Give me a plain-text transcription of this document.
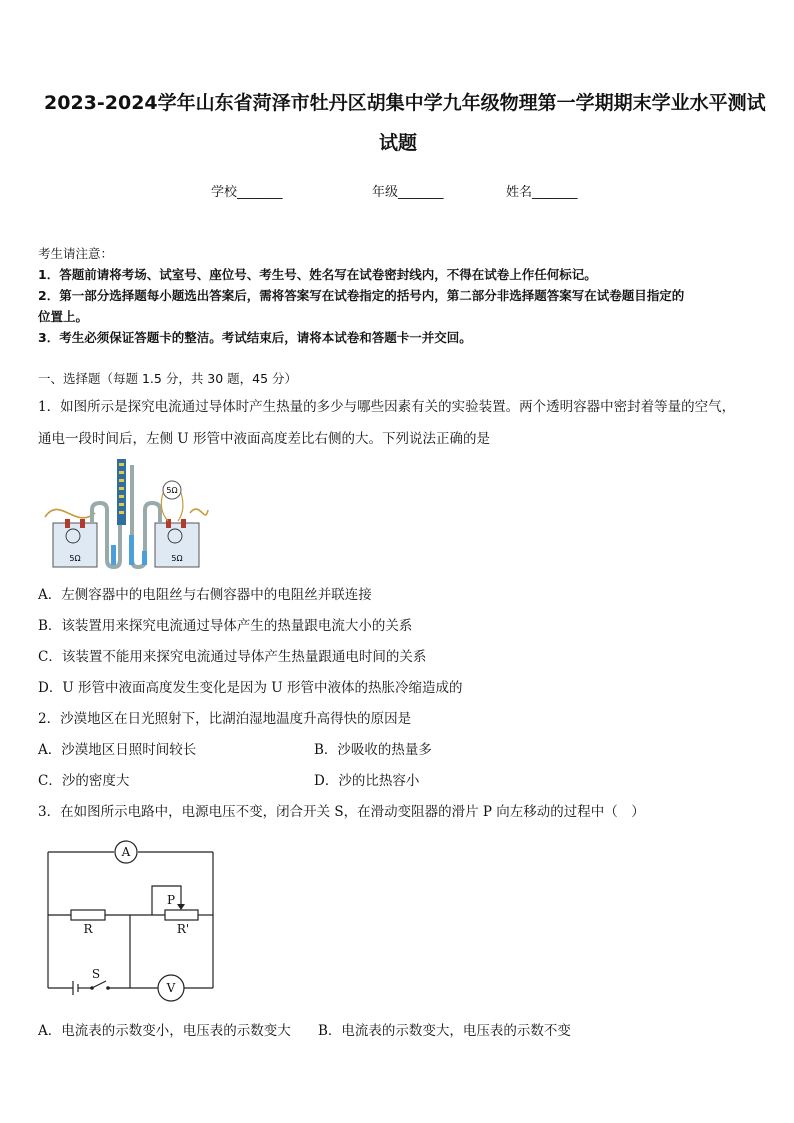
2023-2024学年山东省菏泽市牡丹区胡集中学九年级物理第一学期期末学业水平测试
试题
学校_______	年级_______	姓名_______
考生请注意：
1．答题前请将考场、试室号、座位号、考生号、姓名写在试卷密封线内，不得在试卷上作任何标记。
2．第一部分选择题每小题选出答案后，需将答案写在试卷指定的括号内，第二部分非选择题答案写在试卷题目指定的
位置上。
3．考生必须保证答题卡的整洁。考试结束后，请将本试卷和答题卡一并交回。
一、选择题（每题 1.5 分，共 30 题，45 分）
1．如图所示是探究电流通过导体时产生热量的多少与哪些因素有关的实验装置。两个透明容器中密封着等量的空气，
通电一段时间后，左侧 U 形管中液面高度差比右侧的大。下列说法正确的是
5Ω
5Ω	5Ω
A．左侧容器中的电阻丝与右侧容器中的电阻丝并联连接
B．该装置用来探究电流通过导体产生的热量跟电流大小的关系
C．该装置不能用来探究电流通过导体产生热量跟通电时间的关系
D．U 形管中液面高度发生变化是因为 U 形管中液体的热胀冷缩造成的
2．沙漠地区在日光照射下，比湖泊湿地温度升高得快的原因是
A．沙漠地区日照时间较长	B．沙吸收的热量多
C．沙的密度大	D．沙的比热容小
3．在如图所示电路中，电源电压不变，闭合开关 S，在滑动变阻器的滑片 P 向左移动的过程中（　）
A
V
R	R'
P
S
A．电流表的示数变小，电压表的示数变大 B．电流表的示数变大，电压表的示数不变
